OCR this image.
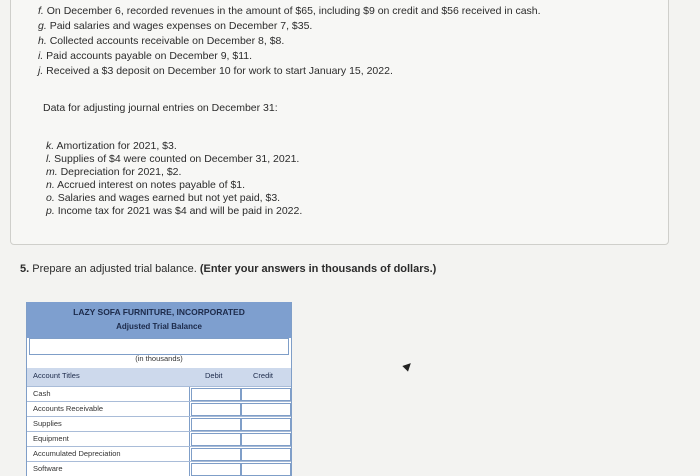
f. On December 6, recorded revenues in the amount of $65, including $9 on credit and $56 received in cash.
g. Paid salaries and wages expenses on December 7, $35.
h. Collected accounts receivable on December 8, $8.
i. Paid accounts payable on December 9, $11.
j. Received a $3 deposit on December 10 for work to start January 15, 2022.
Data for adjusting journal entries on December 31:
k. Amortization for 2021, $3.
l. Supplies of $4 were counted on December 31, 2021.
m. Depreciation for 2021, $2.
n. Accrued interest on notes payable of $1.
o. Salaries and wages earned but not yet paid, $3.
p. Income tax for 2021 was $4 and will be paid in 2022.
5. Prepare an adjusted trial balance. (Enter your answers in thousands of dollars.)
LAZY SOFA FURNITURE, INCORPORATED
Adjusted Trial Balance
(in thousands)
Account Titles	Debit	Credit
Cash
Accounts Receivable
Supplies
Equipment
Accumulated Depreciation
Software
